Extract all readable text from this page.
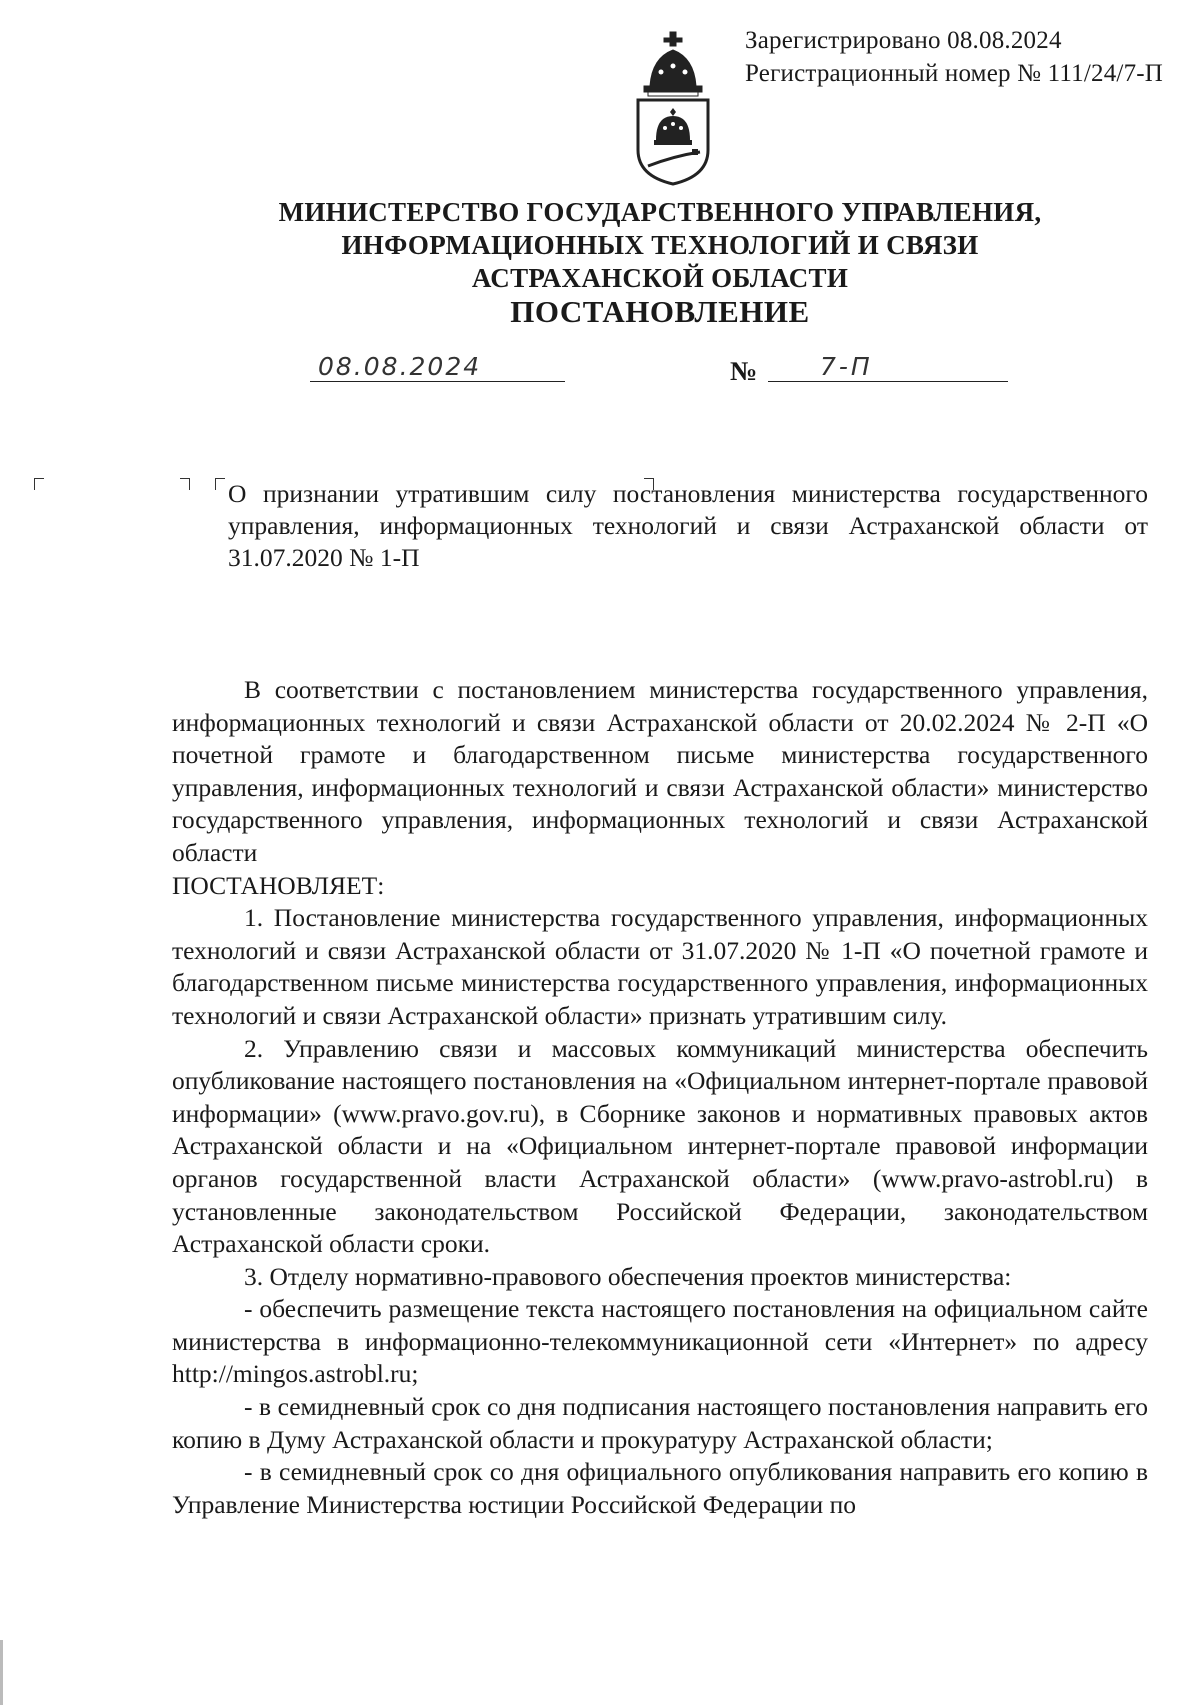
Зарегистрировано 08.08.2024
Регистрационный номер № 111/24/7-П
МИНИСТЕРСТВО ГОСУДАРСТВЕННОГО УПРАВЛЕНИЯ,
ИНФОРМАЦИОННЫХ ТЕХНОЛОГИЙ И СВЯЗИ
АСТРАХАНСКОЙ ОБЛАСТИ
ПОСТАНОВЛЕНИЕ
08.08.2024	№	7-П
О признании утратившим силу постановления министерства государственного управления, информационных технологий и связи Астраханской области от 31.07.2020 № 1-П

В соответствии с постановлением министерства государственного управления, информационных технологий и связи Астраханской области от 20.02.2024 № 2-П «О почетной грамоте и благодарственном письме министерства государственного управления, информационных технологий и связи Астраханской области» министерство государственного управления, информационных технологий и связи Астраханской области

ПОСТАНОВЛЯЕТ:

1. Постановление министерства государственного управления, информационных технологий и связи Астраханской области от 31.07.2020 № 1-П «О почетной грамоте и благодарственном письме министерства государственного управления, информационных технологий и связи Астраханской области» признать утратившим силу.

2. Управлению связи и массовых коммуникаций министерства обеспечить опубликование настоящего постановления на «Официальном интернет-портале правовой информации» (www.pravo.gov.ru), в Сборнике законов и нормативных правовых актов Астраханской области и на «Официальном интернет-портале правовой информации органов государственной власти Астраханской области» (www.pravo-astrobl.ru) в установленные законодательством Российской Федерации, законодательством Астраханской области сроки.

3. Отделу нормативно-правового обеспечения проектов министерства:

- обеспечить размещение текста настоящего постановления на официальном сайте министерства в информационно-телекоммуникационной сети «Интернет» по адресу http://mingos.astrobl.ru;

- в семидневный срок со дня подписания настоящего постановления направить его копию в Думу Астраханской области и прокуратуру Астраханской области;

- в семидневный срок со дня официального опубликования направить его копию в Управление Министерства юстиции Российской Федерации по
